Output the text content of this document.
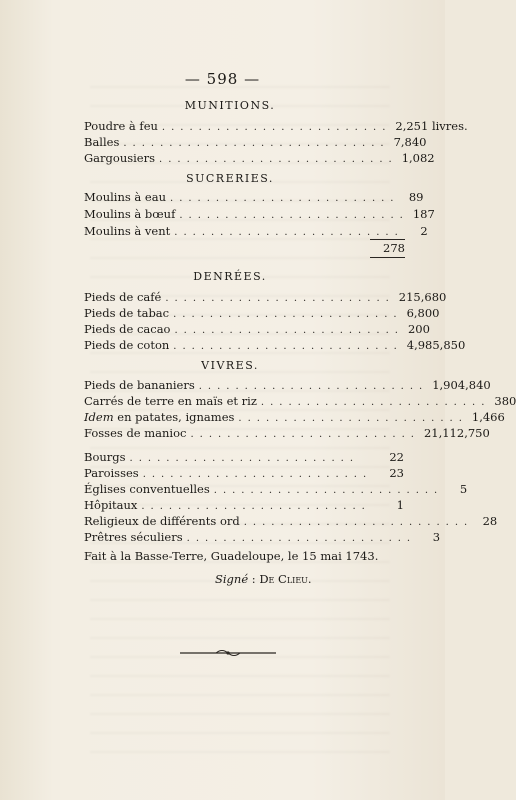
— 598 —
MUNITIONS.
Poudre à feu ......................... 2,251 livres.
Balles ............................. 7,840
Gargousiers .......................... 1,082
SUCRERIES.
Moulins à eau ......................... 89
Moulins à bœuf ......................... 187
Moulins à vent .........................	2
278
DENRÉES.
Pieds de café ......................... 215,680
Pieds de tabac ......................... 6,800
Pieds de cacao ......................... 200
Pieds de coton ......................... 4,985,850
VIVRES.
Pieds de bananiers ......................... 1,904,840
Carrés de terre en maïs et riz ......................... 380
Idem en patates, ignames ......................... 1,466
Fosses de manioc ......................... 21,112,750
Bourgs .........................	22
Paroisses .........................	23
Églises conventuelles .........................	5
Hôpitaux .........................	1
Religieux de différents ord ......................... 28
Prêtres séculiers .........................	3
Fait à la Basse-Terre, Guadeloupe, le 15 mai 1743.
Signé : De Clieu.
